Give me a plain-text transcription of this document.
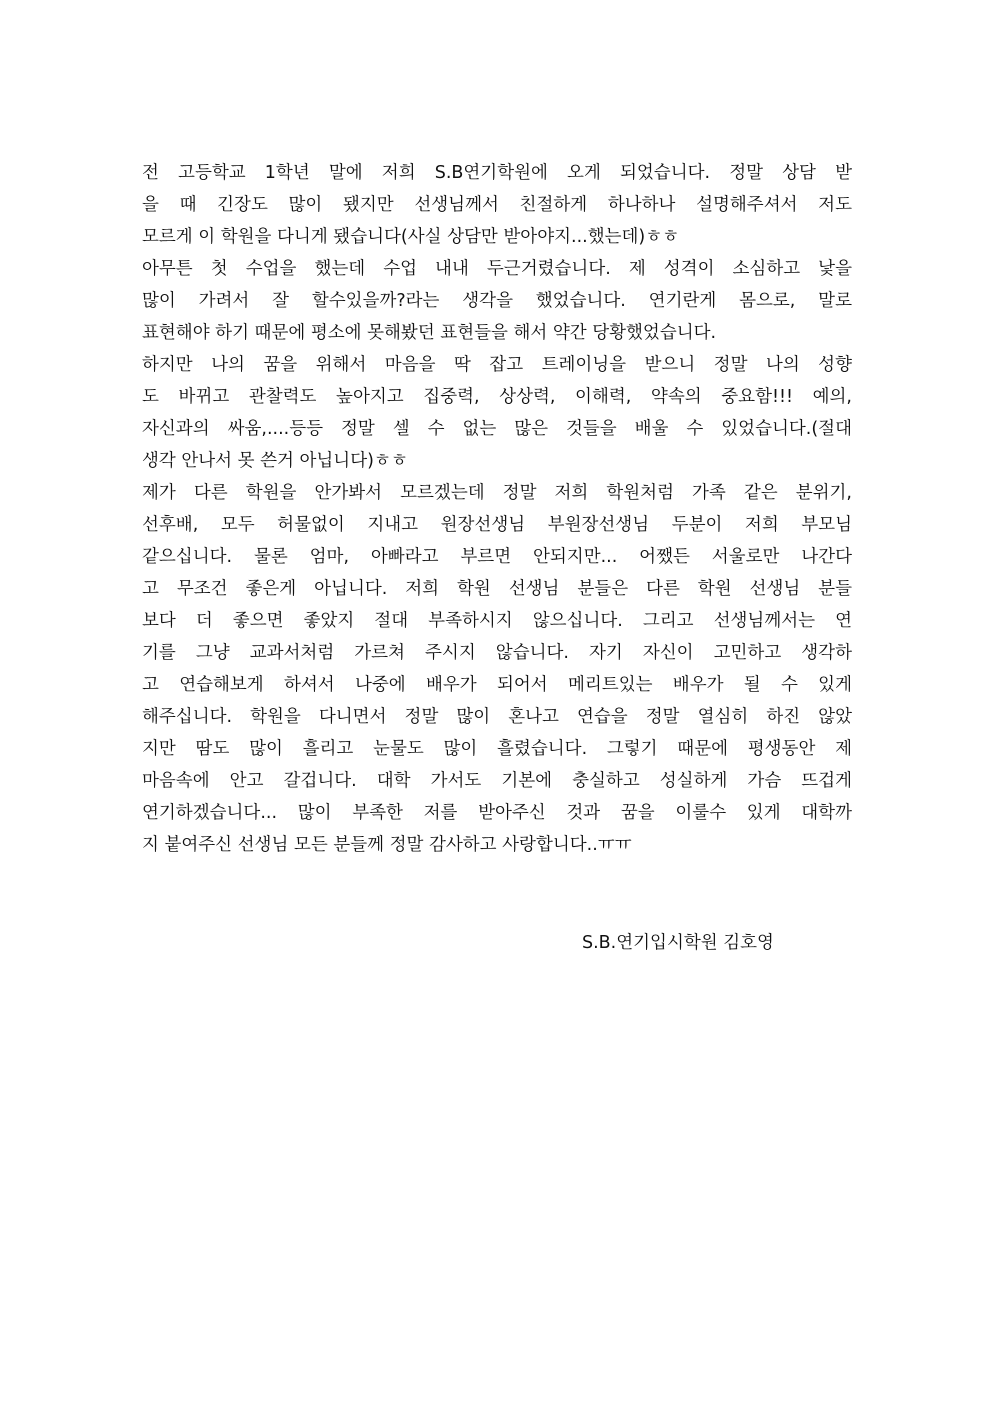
전 고등학교 1학년 말에 저희 S.B연기학원에 오게 되었습니다. 정말 상담 받
을 때 긴장도 많이 됐지만 선생님께서 친절하게 하나하나 설명해주셔서 저도
모르게 이 학원을 다니게 됐습니다(사실 상담만 받아야지...했는데)ㅎㅎ
아무튼 첫 수업을 했는데 수업 내내 두근거렸습니다. 제 성격이 소심하고 낯을
많이 가려서 잘 할수있을까?라는 생각을 했었습니다. 연기란게 몸으로, 말로
표현해야 하기 때문에 평소에 못해봤던 표현들을 해서 약간 당황했었습니다.
하지만 나의 꿈을 위해서 마음을 딱 잡고 트레이닝을 받으니 정말 나의 성향
도 바뀌고 관찰력도 높아지고 집중력, 상상력, 이해력, 약속의 중요함!!! 예의,
자신과의 싸움,....등등 정말 셀 수 없는 많은 것들을 배울 수 있었습니다.(절대
생각 안나서 못 쓴거 아닙니다)ㅎㅎ
제가 다른 학원을 안가봐서 모르겠는데 정말 저희 학원처럼 가족 같은 분위기,
선후배, 모두 허물없이 지내고 원장선생님 부원장선생님 두분이 저희 부모님
같으십니다. 물론 엄마, 아빠라고 부르면 안되지만... 어쨌든 서울로만 나간다
고 무조건 좋은게 아닙니다. 저희 학원 선생님 분들은 다른 학원 선생님 분들
보다 더 좋으면 좋았지 절대 부족하시지 않으십니다. 그리고 선생님께서는 연
기를 그냥 교과서처럼 가르쳐 주시지 않습니다. 자기 자신이 고민하고 생각하
고 연습해보게 하셔서 나중에 배우가 되어서 메리트있는 배우가 될 수 있게
해주십니다. 학원을 다니면서 정말 많이 혼나고 연습을 정말 열심히 하진 않았
지만 땀도 많이 흘리고 눈물도 많이 흘렸습니다. 그렇기 때문에 평생동안 제
마음속에 안고 갈겁니다. 대학 가서도 기본에 충실하고 성실하게 가슴 뜨겁게
연기하겠습니다... 많이 부족한 저를 받아주신 것과 꿈을 이룰수 있게 대학까
지 붙여주신 선생님 모든 분들께 정말 감사하고 사랑합니다..ㅠㅠ
S.B.연기입시학원 김호영
